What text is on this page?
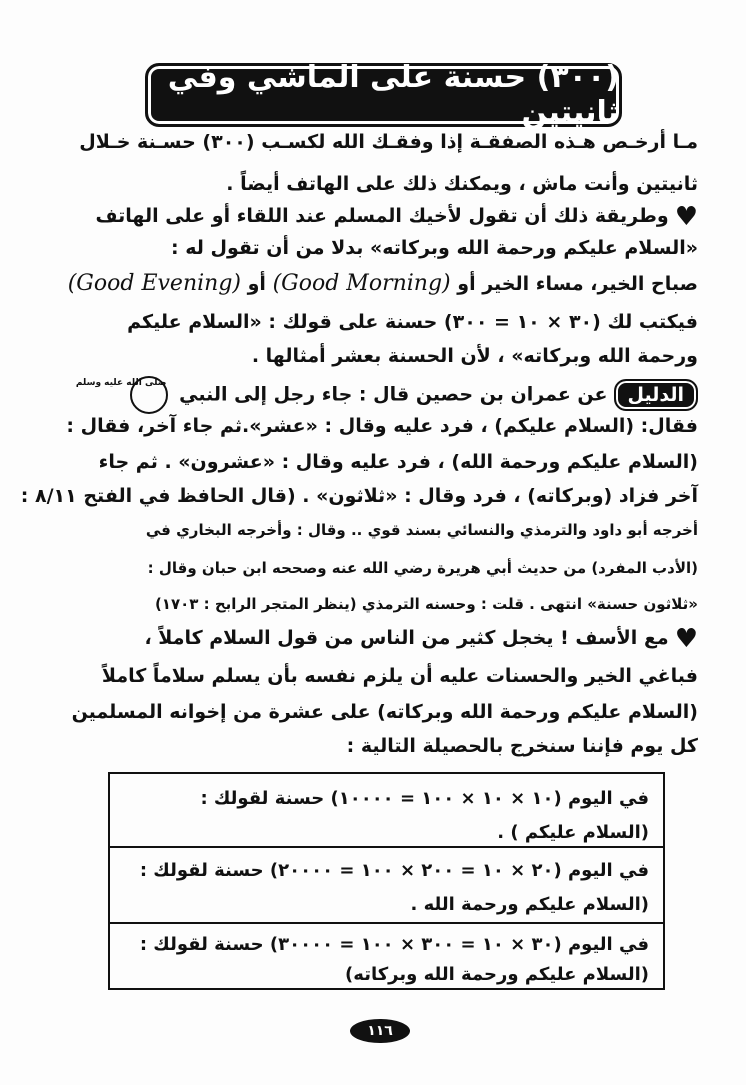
(٣٠٠) حسنة على الماشي وفي ثانيتين
مـا أرخـص هـذه الصفقـة إذا وفقـك الله لكسـب (٣٠٠) حسـنة خـلال
ثانيتين وأنت ماش ، ويمكنك ذلك على الهاتف أيضاً .
♥وطريقة ذلك أن تقول لأخيك المسلم عند اللقاء أو على الهاتف
«السلام عليكم ورحمة الله وبركاته» بدلا من أن تقول له :
صباح الخير، مساء الخير أو (Good Morning) أو (Good Evening)
فيكتب لك (٣٠ × ١٠ = ٣٠٠) حسنة على قولك : «السلام عليكم
ورحمة الله وبركاته» ، لأن الحسنة بعشر أمثالها .
الدليلعن عمران بن حصين قال : جاء رجل إلى النبي صلى الله عليه وسلم
فقال: (السلام عليكم) ، فرد عليه وقال : «عشر».ثم جاء آخر، فقال :
(السلام عليكم ورحمة الله) ، فرد عليه وقال : «عشرون» . ثم جاء
آخر فزاد (وبركاته) ، فرد وقال : «ثلاثون» . (قال الحافظ في الفتح ٨/١١ :
أخرجه أبو داود والترمذي والنسائي بسند قوي .. وقال : وأخرجه البخاري في
(الأدب المفرد) من حديث أبي هريرة رضي الله عنه وصححه ابن حبان وقال :
«ثلاثون حسنة» انتهى . قلت : وحسنه الترمذي (ينظر المتجر الرابح : ١٧٠٣)
♥مع الأسف ! يخجل كثير من الناس من قول السلام كاملاً ،
فباغي الخير والحسنات عليه أن يلزم نفسه بأن يسلم سلاماً كاملاً
(السلام عليكم ورحمة الله وبركاته) على عشرة من إخوانه المسلمين
كل يوم فإننا سنخرج بالحصيلة التالية :
في اليوم (١٠ × ١٠ × ١٠٠ = ١٠٠٠٠) حسنة لقولك :
(السلام عليكم ) .
في اليوم (٢٠ × ١٠ = ٢٠٠ × ١٠٠ = ٢٠٠٠٠) حسنة لقولك :
(السلام عليكم ورحمة الله .
في اليوم (٣٠ × ١٠ = ٣٠٠ × ١٠٠ = ٣٠٠٠٠) حسنة لقولك :
(السلام عليكم ورحمة الله وبركاته)
١١٦
